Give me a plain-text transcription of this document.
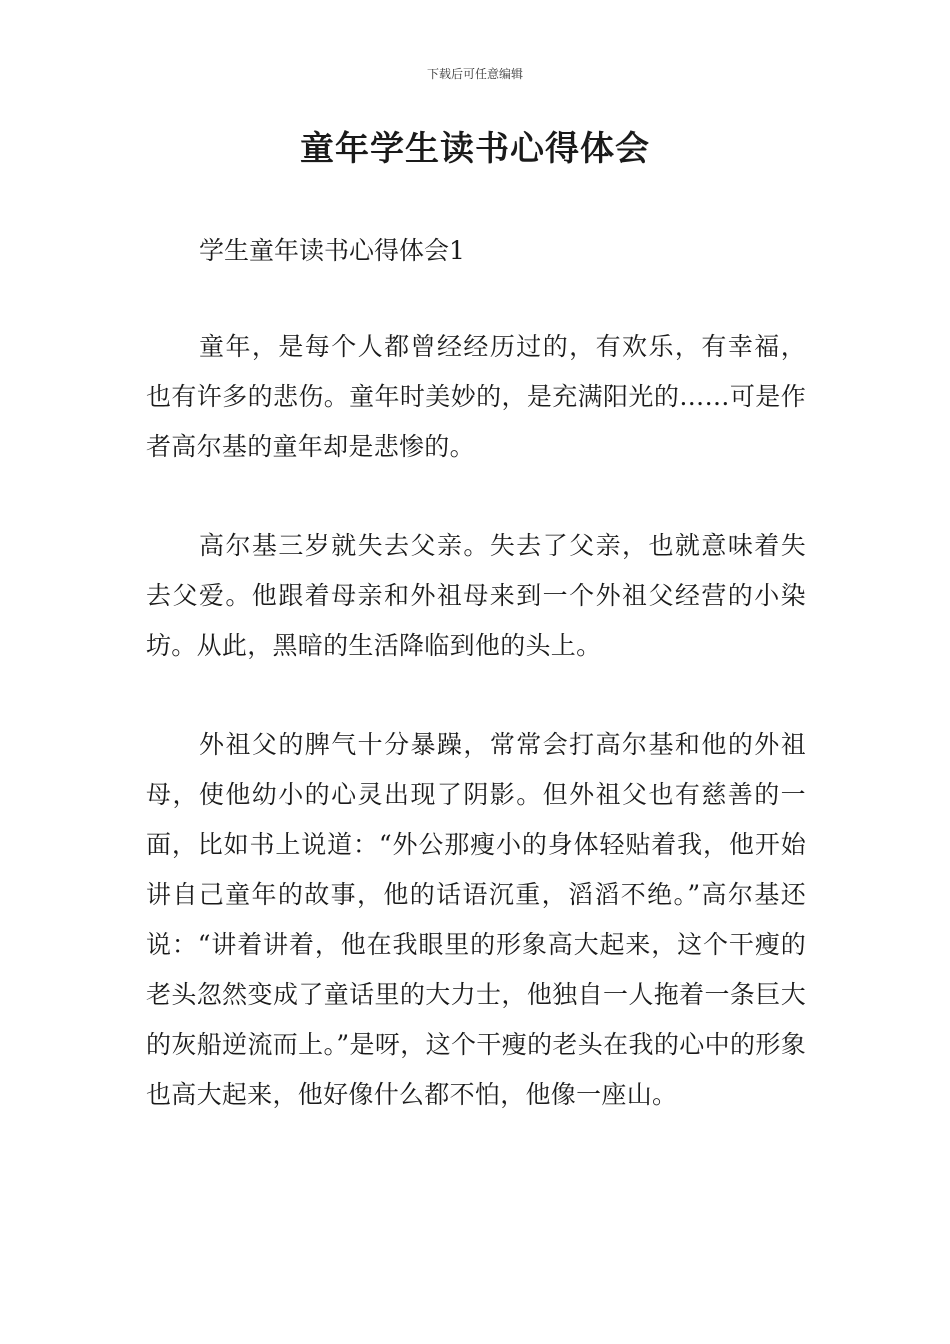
下载后可任意编辑
童年学生读书心得体会

学生童年读书心得体会1

童年，是每个人都曾经经历过的，有欢乐，有幸福，也有许多的悲伤。童年时美妙的，是充满阳光的……可是作者高尔基的童年却是悲惨的。

高尔基三岁就失去父亲。失去了父亲，也就意味着失去父爱。他跟着母亲和外祖母来到一个外祖父经营的小染坊。从此，黑暗的生活降临到他的头上。

外祖父的脾气十分暴躁，常常会打高尔基和他的外祖母，使他幼小的心灵出现了阴影。但外祖父也有慈善的一面，比如书上说道：“外公那瘦小的身体轻贴着我，他开始讲自己童年的故事，他的话语沉重，滔滔不绝。”高尔基还说：“讲着讲着，他在我眼里的形象高大起来，这个干瘦的老头忽然变成了童话里的大力士，他独自一人拖着一条巨大的灰船逆流而上。”是呀，这个干瘦的老头在我的心中的形象也高大起来，他好像什么都不怕，他像一座山。
